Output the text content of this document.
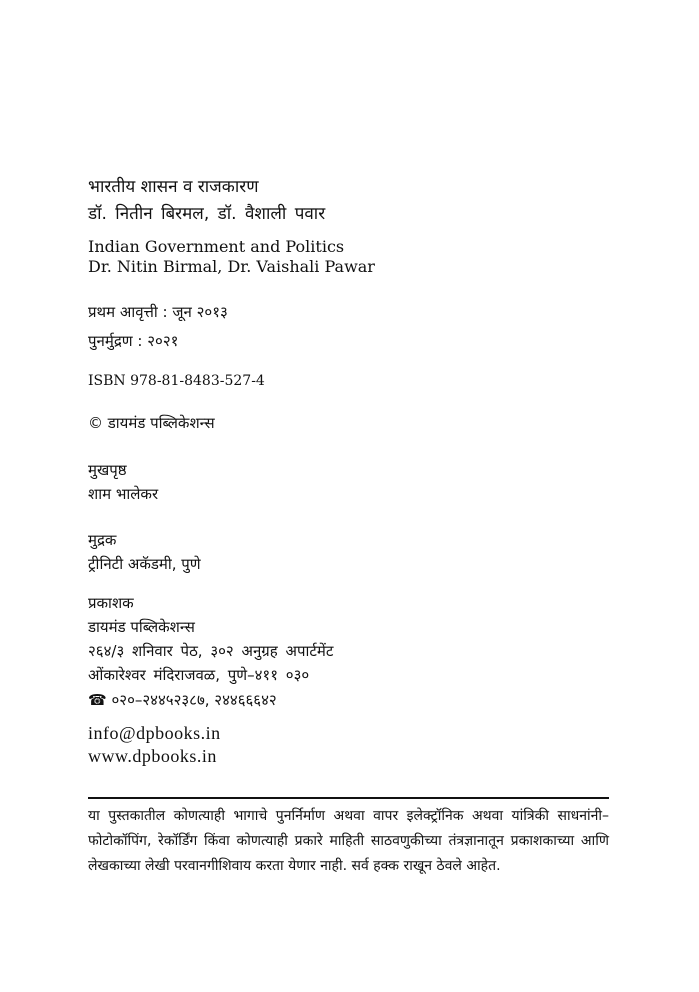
भारतीय शासन व राजकारण
डॉ. नितीन बिरमल, डॉ. वैशाली पवार
Indian Government and Politics
Dr. Nitin Birmal, Dr. Vaishali Pawar
प्रथम आवृत्ती : जून २०१३
पुनर्मुद्रण : २०२१
ISBN 978-81-8483-527-4
© डायमंड पब्लिकेशन्स
मुखपृष्ठ
शाम भालेकर
मुद्रक
ट्रीनिटी अकॅडमी, पुणे
प्रकाशक
डायमंड पब्लिकेशन्स
२६४/३ शनिवार पेठ, ३०२ अनुग्रह अपार्टमेंट
ओंकारेश्वर मंदिराजवळ, पुणे–४११ ०३०
☎ ०२०–२४४५२३८७, २४४६६६४२
info@dpbooks.in
www.dpbooks.in
या पुस्तकातील कोणत्याही भागाचे पुनर्निर्माण अथवा वापर इलेक्ट्रॉनिक अथवा यांत्रिकी साधनांनी– फोटोकॉपिंग, रेकॉर्डिंग किंवा कोणत्याही प्रकारे माहिती साठवणुकीच्या तंत्रज्ञानातून प्रकाशकाच्या आणि लेखकाच्या लेखी परवानगीशिवाय करता येणार नाही. सर्व हक्क राखून ठेवले आहेत.
